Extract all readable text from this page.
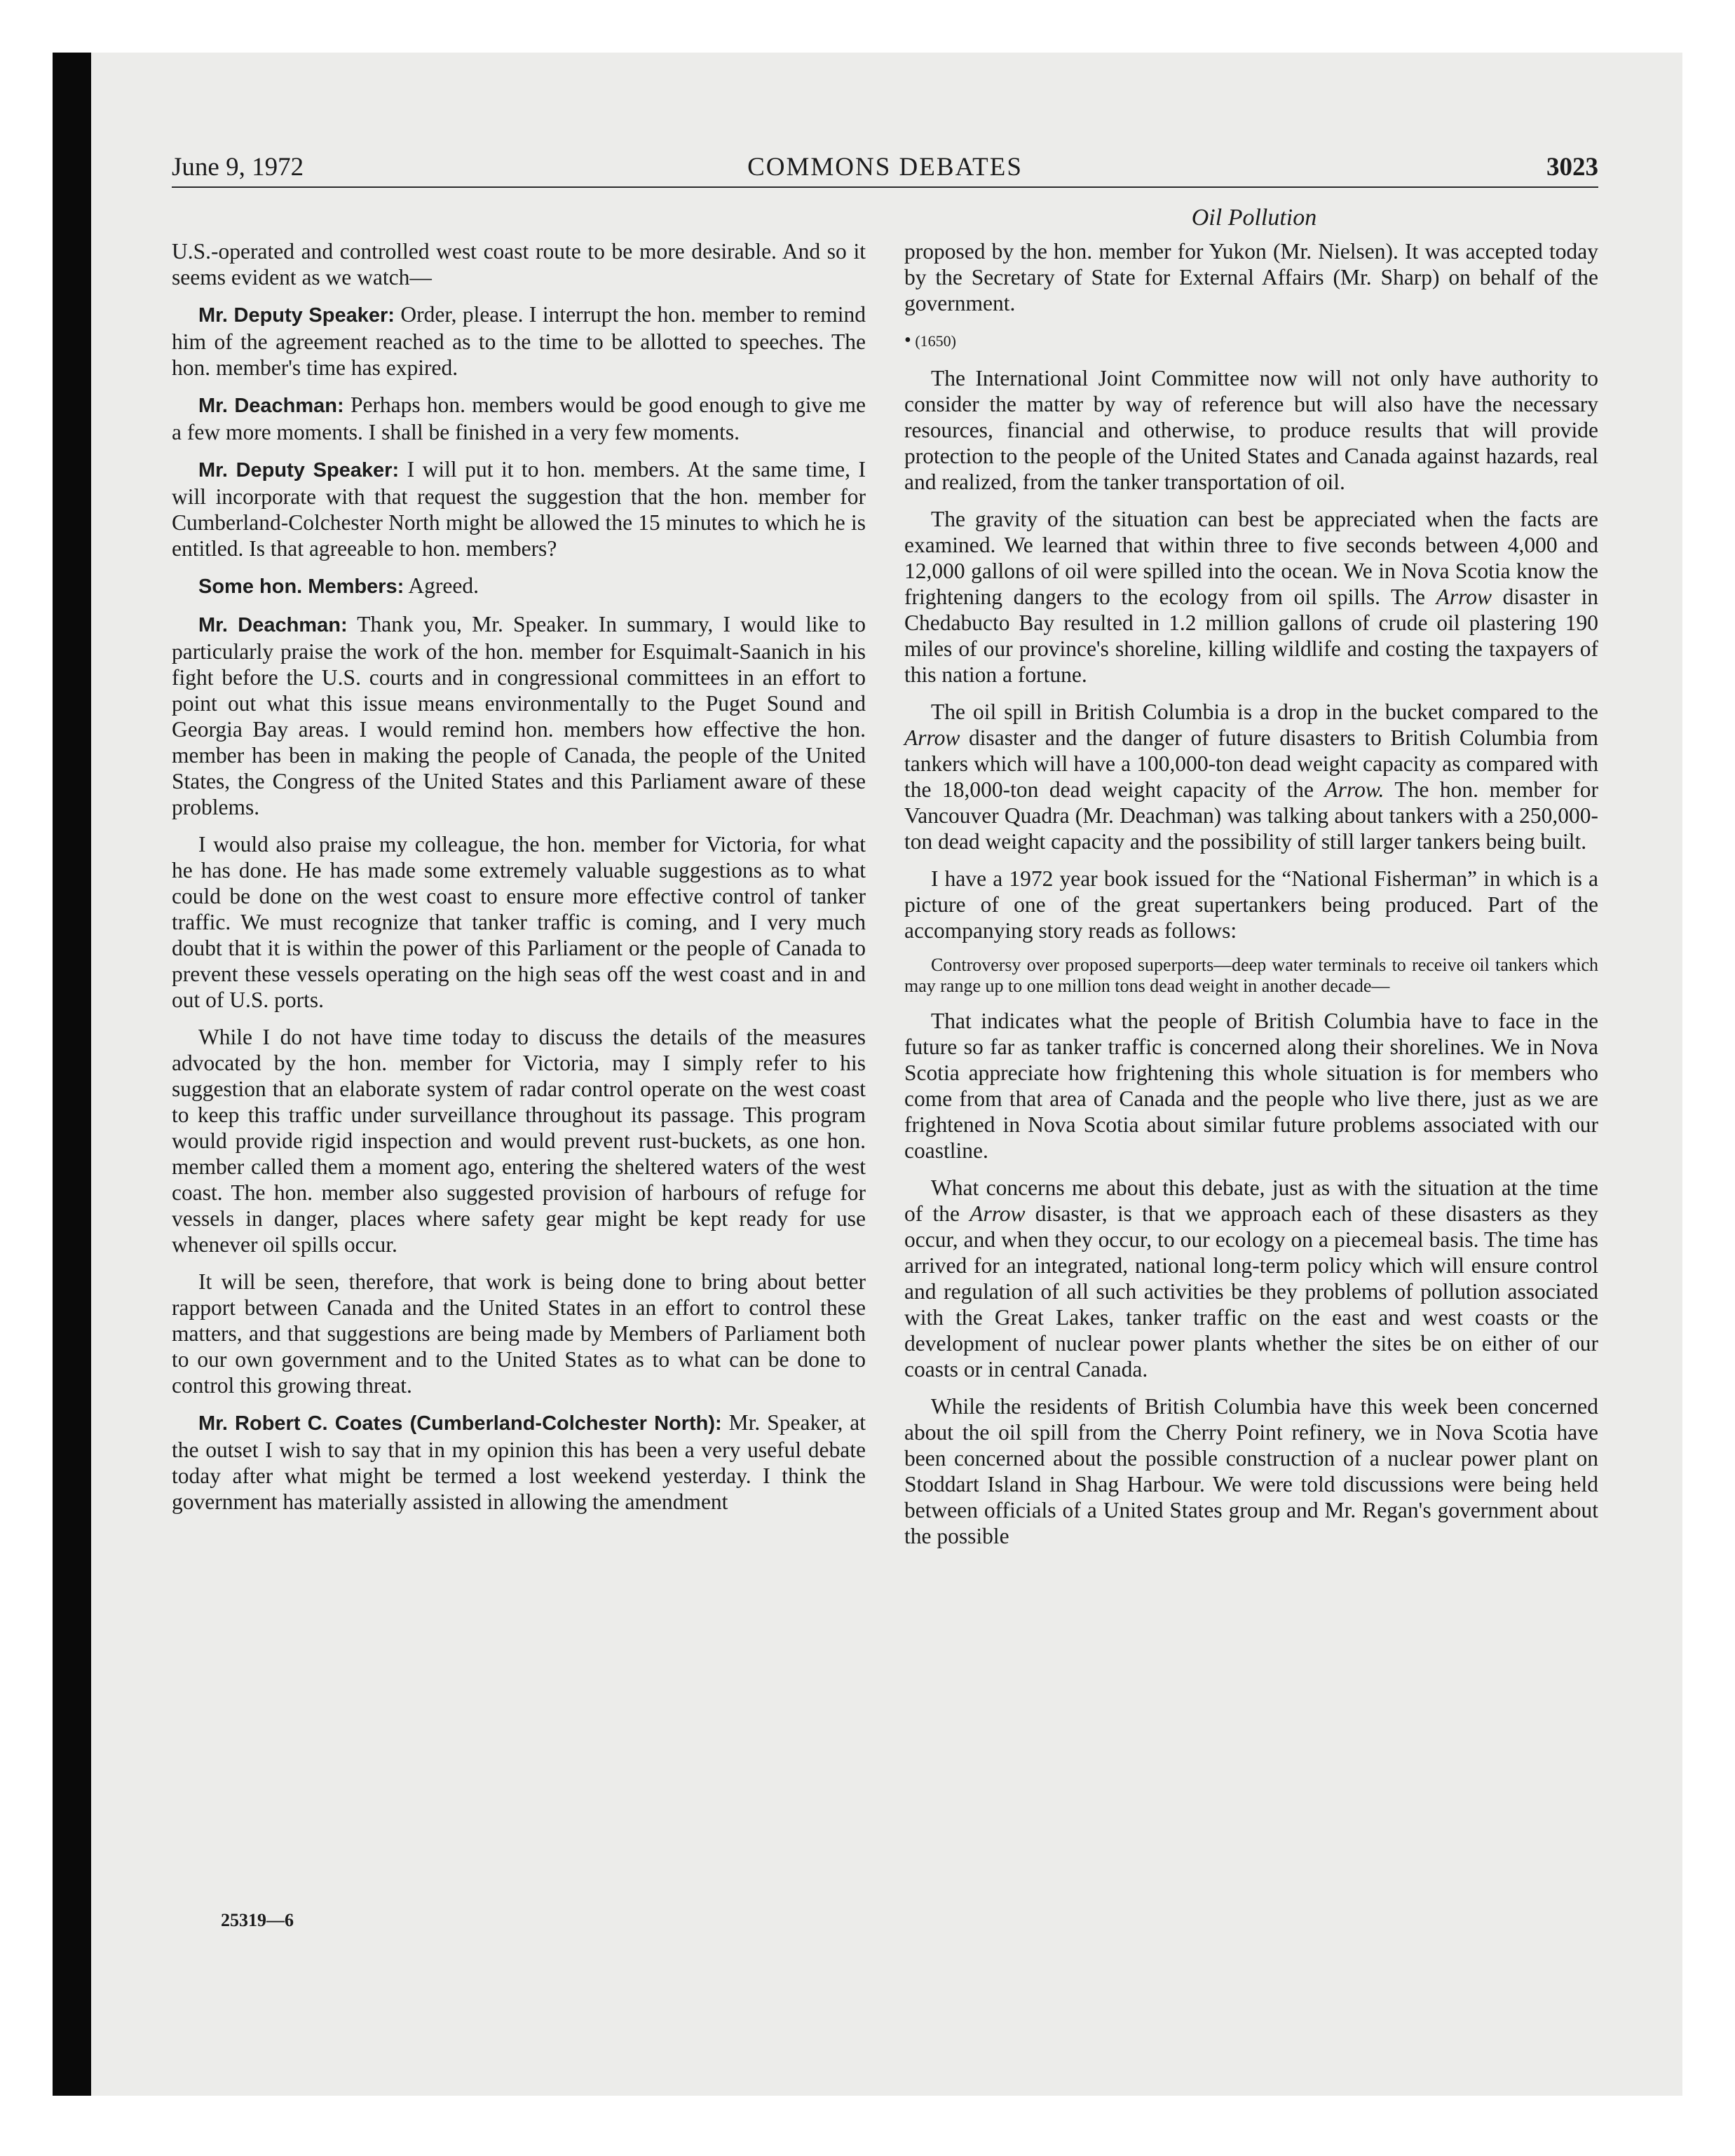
June 9, 1972	COMMONS DEBATES	3023
Oil Pollution

U.S.-operated and controlled west coast route to be more desirable. And so it seems evident as we watch—

Mr. Deputy Speaker: Order, please. I interrupt the hon. member to remind him of the agreement reached as to the time to be allotted to speeches. The hon. member's time has expired.

Mr. Deachman: Perhaps hon. members would be good enough to give me a few more moments. I shall be finished in a very few moments.

Mr. Deputy Speaker: I will put it to hon. members. At the same time, I will incorporate with that request the suggestion that the hon. member for Cumberland-Colchester North might be allowed the 15 minutes to which he is entitled. Is that agreeable to hon. members?

Some hon. Members: Agreed.

Mr. Deachman: Thank you, Mr. Speaker. In summary, I would like to particularly praise the work of the hon. member for Esquimalt-Saanich in his fight before the U.S. courts and in congressional committees in an effort to point out what this issue means environmentally to the Puget Sound and Georgia Bay areas. I would remind hon. members how effective the hon. member has been in making the people of Canada, the people of the United States, the Congress of the United States and this Parliament aware of these problems.

I would also praise my colleague, the hon. member for Victoria, for what he has done. He has made some extremely valuable suggestions as to what could be done on the west coast to ensure more effective control of tanker traffic. We must recognize that tanker traffic is coming, and I very much doubt that it is within the power of this Parliament or the people of Canada to prevent these vessels operating on the high seas off the west coast and in and out of U.S. ports.

While I do not have time today to discuss the details of the measures advocated by the hon. member for Victoria, may I simply refer to his suggestion that an elaborate system of radar control operate on the west coast to keep this traffic under surveillance throughout its passage. This program would provide rigid inspection and would prevent rust-buckets, as one hon. member called them a moment ago, entering the sheltered waters of the west coast. The hon. member also suggested provision of harbours of refuge for vessels in danger, places where safety gear might be kept ready for use whenever oil spills occur.

It will be seen, therefore, that work is being done to bring about better rapport between Canada and the United States in an effort to control these matters, and that suggestions are being made by Members of Parliament both to our own government and to the United States as to what can be done to control this growing threat.

Mr. Robert C. Coates (Cumberland-Colchester North): Mr. Speaker, at the outset I wish to say that in my opinion this has been a very useful debate today after what might be termed a lost weekend yesterday. I think the government has materially assisted in allowing the amendment

proposed by the hon. member for Yukon (Mr. Nielsen). It was accepted today by the Secretary of State for External Affairs (Mr. Sharp) on behalf of the government.

• (1650)

The International Joint Committee now will not only have authority to consider the matter by way of reference but will also have the necessary resources, financial and otherwise, to produce results that will provide protection to the people of the United States and Canada against hazards, real and realized, from the tanker transportation of oil.

The gravity of the situation can best be appreciated when the facts are examined. We learned that within three to five seconds between 4,000 and 12,000 gallons of oil were spilled into the ocean. We in Nova Scotia know the frightening dangers to the ecology from oil spills. The Arrow disaster in Chedabucto Bay resulted in 1.2 million gallons of crude oil plastering 190 miles of our province's shoreline, killing wildlife and costing the taxpayers of this nation a fortune.

The oil spill in British Columbia is a drop in the bucket compared to the Arrow disaster and the danger of future disasters to British Columbia from tankers which will have a 100,000-ton dead weight capacity as compared with the 18,000-ton dead weight capacity of the Arrow. The hon. member for Vancouver Quadra (Mr. Deachman) was talking about tankers with a 250,000-ton dead weight capacity and the possibility of still larger tankers being built.

I have a 1972 year book issued for the “National Fisherman” in which is a picture of one of the great supertankers being produced. Part of the accompanying story reads as follows:

Controversy over proposed superports—deep water terminals to receive oil tankers which may range up to one million tons dead weight in another decade—

That indicates what the people of British Columbia have to face in the future so far as tanker traffic is concerned along their shorelines. We in Nova Scotia appreciate how frightening this whole situation is for members who come from that area of Canada and the people who live there, just as we are frightened in Nova Scotia about similar future problems associated with our coastline.

What concerns me about this debate, just as with the situation at the time of the Arrow disaster, is that we approach each of these disasters as they occur, and when they occur, to our ecology on a piecemeal basis. The time has arrived for an integrated, national long-term policy which will ensure control and regulation of all such activities be they problems of pollution associated with the Great Lakes, tanker traffic on the east and west coasts or the development of nuclear power plants whether the sites be on either of our coasts or in central Canada.

While the residents of British Columbia have this week been concerned about the oil spill from the Cherry Point refinery, we in Nova Scotia have been concerned about the possible construction of a nuclear power plant on Stoddart Island in Shag Harbour. We were told discussions were being held between officials of a United States group and Mr. Regan's government about the possible

25319—6
